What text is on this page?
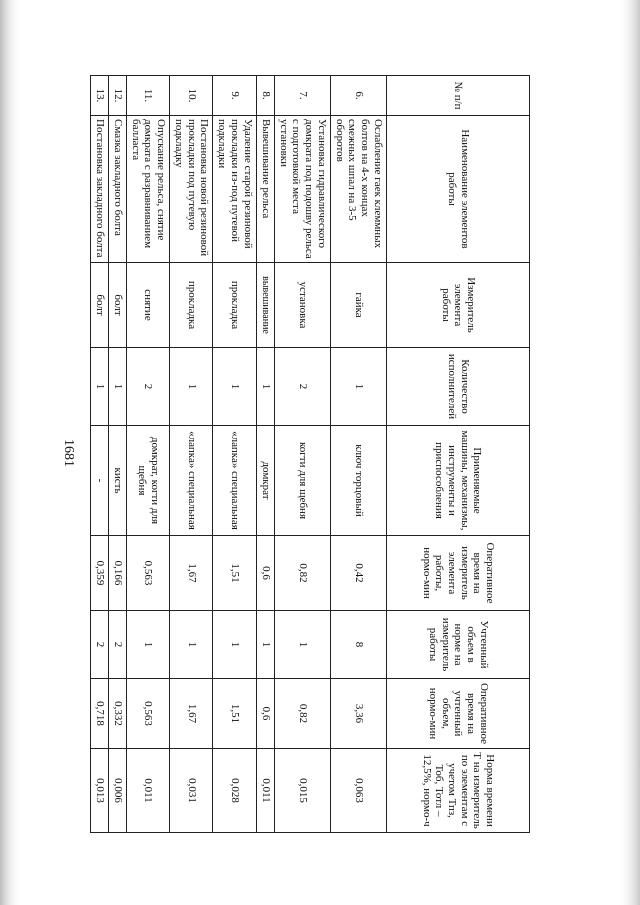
1681
№ п/п	Наименование элементов работы	Измеритель элемента работы	Количество исполнителей	Применяемые машины, механизмы, инструменты и приспособления	Оперативное время на измеритель элемента работы, нормо-мин	Учтенный объем в норме на измеритель работы	Оперативное время на учтенный объем, нормо-мин	Норма времени Т на измеритель по элементам с учетом Тпз, Тоб, Тотл – 12,5%, нормо-ч
6.	Ослабление гаек клеммных болтов на 4-х концах смежных шпал на 3-5 оборотов	гайка	1	ключ торцовый	0,42	8	3,36	0,063
7.	Установка гидравлического домкрата под подошву рельса с подготовкой места установки	установка	2	когти для щебня	0,82	1	0,82	0,015
8.	Вывешивание рельса	вывешивание	1	домкрат	0,6	1	0,6	0,011
9.	Удаление старой резиновой прокладки из-под путевой подкладки	прокладка	1	«лапка» специальная	1,51	1	1,51	0,028
10.	Постановка новой резиновой прокладки под путевую подкладку	прокладка	1	«лапка» специальная	1,67	1	1,67	0,031
11.	Опускание рельса, снятие домкрата с разравниванием балласта	снятие	2	домкрат, когти для щебня	0,563	1	0,563	0,011
12.	Смазка закладного болта	болт	1	кисть	0,166	2	0,332	0,006
13.	Постановка закладного болта	болт	1	-	0,359	2	0,718	0,013
